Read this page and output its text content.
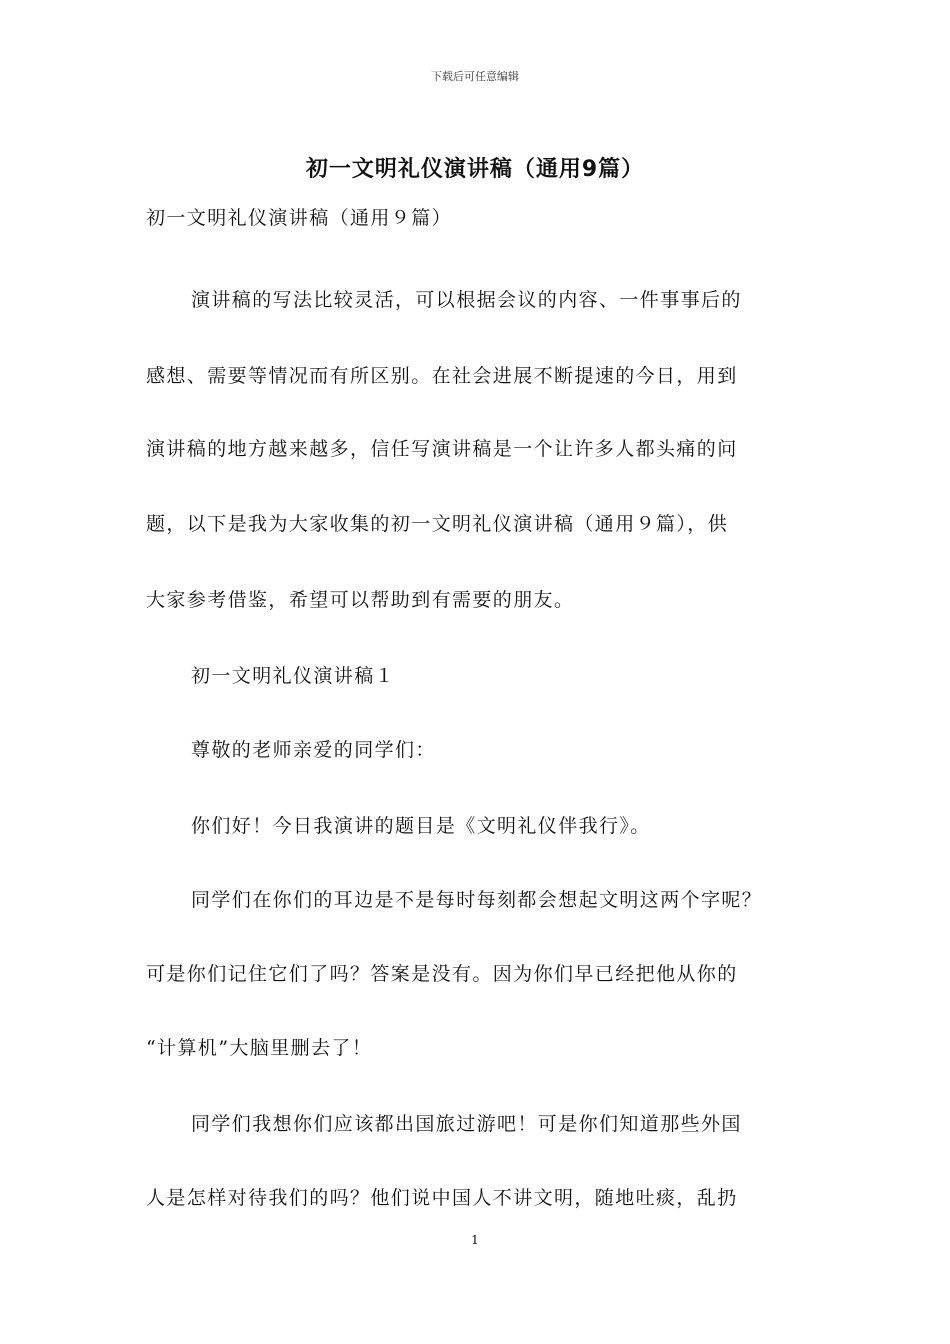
下载后可任意编辑
初一文明礼仪演讲稿（通用9篇）
初一文明礼仪演讲稿（通用９篇）
演讲稿的写法比较灵活，可以根据会议的内容、一件事事后的
感想、需要等情况而有所区别。在社会进展不断提速的今日，用到
演讲稿的地方越来越多，信任写演讲稿是一个让许多人都头痛的问
题，以下是我为大家收集的初一文明礼仪演讲稿（通用９篇），供
大家参考借鉴，希望可以帮助到有需要的朋友。
初一文明礼仪演讲稿１
尊敬的老师亲爱的同学们：
你们好！今日我演讲的题目是《文明礼仪伴我行》。
同学们在你们的耳边是不是每时每刻都会想起文明这两个字呢？
可是你们记住它们了吗？答案是没有。因为你们早已经把他从你的
“计算机”大脑里删去了！
同学们我想你们应该都出国旅过游吧！可是你们知道那些外国
人是怎样对待我们的吗？他们说中国人不讲文明，随地吐痰，乱扔
1
